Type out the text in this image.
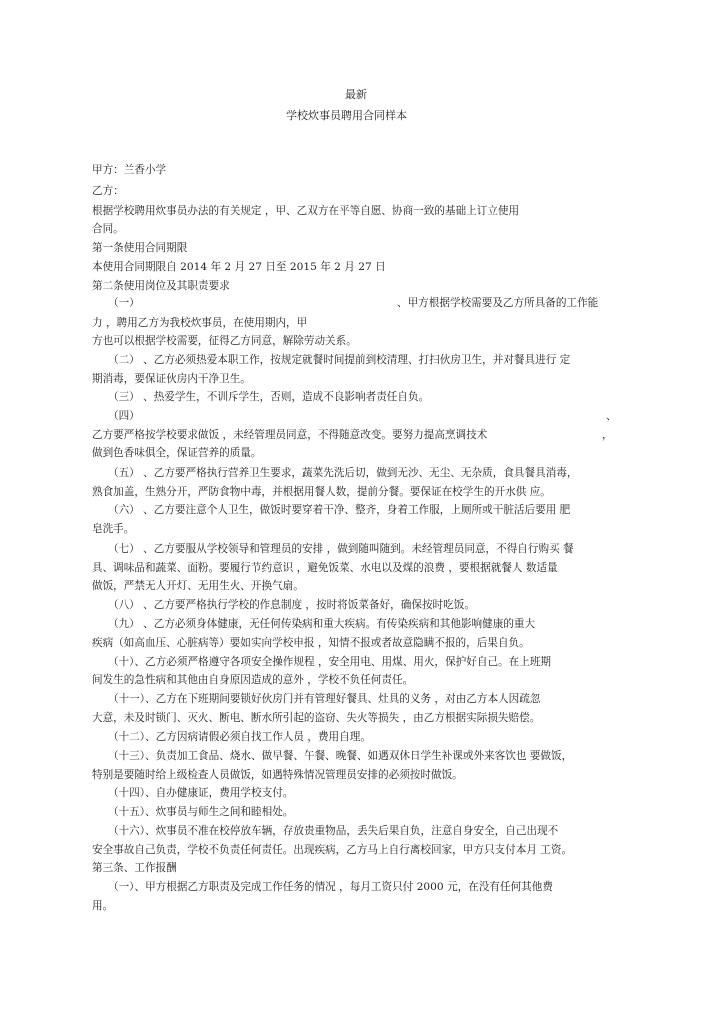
最新
学校炊事员聘用合同样本
甲方：兰香小学
乙方：
根据学校聘用炊事员办法的有关规定 ，甲、乙双方在平等自愿、协商一致的基础上订立使用
合同。
第一条使用合同期限
本使用合同期限自 2014 年 2 月 27 日至 2015 年 2 月 27 日
第二条使用岗位及其职责要求
（一）	、甲方根据学校需要及乙方所具备的工作能
力 ，聘用乙方为我校炊事员，在使用期内，甲
方也可以根据学校需要，征得乙方同意，解除劳动关系。
（二） 、乙方必须热爱本职工作，按规定就餐时间提前到校清理、打扫伙房卫生，并对餐具进行 定
期消毒，要保证伙房内干净卫生。
（三） 、热爱学生，不训斥学生，否则，造成不良影响者责任自负。
（四）	、
乙方要严格按学校要求做饭 ，未经管理员同意，不得随意改变。要努力提高烹调技术	，
做到色香味俱全，保证营养的质量。
（五） 、乙方要严格执行营养卫生要求，蔬菜先洗后切，做到无沙、无尘、无杂质，食具餐具消毒，
熟食加盖，生熟分开，严防食物中毒，并根据用餐人数，提前分餐。要保证在校学生的开水供 应。
（六） 、乙方要注意个人卫生，做饭时要穿着干净、整齐，身着工作服，上厕所或干脏活后要用 肥
皂洗手。
（七） 、乙方要服从学校领导和管理员的安排 ，做到随叫随到。未经管理员同意，不得自行购买 餐
具、调味品和蔬菜、面粉。要履行节约意识 ，避免饭菜、水电以及煤的浪费 ，要根据就餐人 数适量
做饭，严禁无人开灯、无用生火、开换气扇。
（八） 、乙方要严格执行学校的作息制度 ，按时将饭菜备好，确保按时吃饭。
（九） 、乙方必须身体健康，无任何传染病和重大疾病。有传染疾病和其他影响健康的重大
疾病（如高血压、心脏病等）要如实向学校申报 ，知情不报或者故意隐瞒不报的，后果自负。
（十）、乙方必须严格遵守各项安全操作规程 ，安全用电、用煤、用火，保护好自己。在上班期
间发生的急性病和其他由自身原因造成的意外 ，学校不负任何责任。
（十一）、乙方在下班期间要锁好伙房门并有管理好餐具、灶具的义务 ，对由乙方本人因疏忽
大意，未及时锁门、灭火、断电、断水所引起的盗窃、失火等损失 ，由乙方根据实际损失赔偿。
（十二）、乙方因病请假必须自找工作人员 ，费用自理。
（十三）、负责加工食品、烧水、做早餐、午餐、晚餐、如遇双休日学生补课或外来客饮也 要做饭，
特别是要随时给上级检查人员做饭，如遇特殊情况管理员安排的必须按时做饭。
（十四）、自办健康证，费用学校支付。
（十五）、炊事员与师生之间和睦相处。
（十六）、炊事员不准在校停放车辆，存放贵重物品，丢失后果自负，注意自身安全，自己出现不
安全事故自己负责，学校不负责任何责任。出现疾病，乙方马上自行离校回家，甲方只支付本月 工资。
第三条、工作报酬
（一）、甲方根据乙方职责及完成工作任务的情况 ，每月工资只付 2000 元，在没有任何其他费
用。
